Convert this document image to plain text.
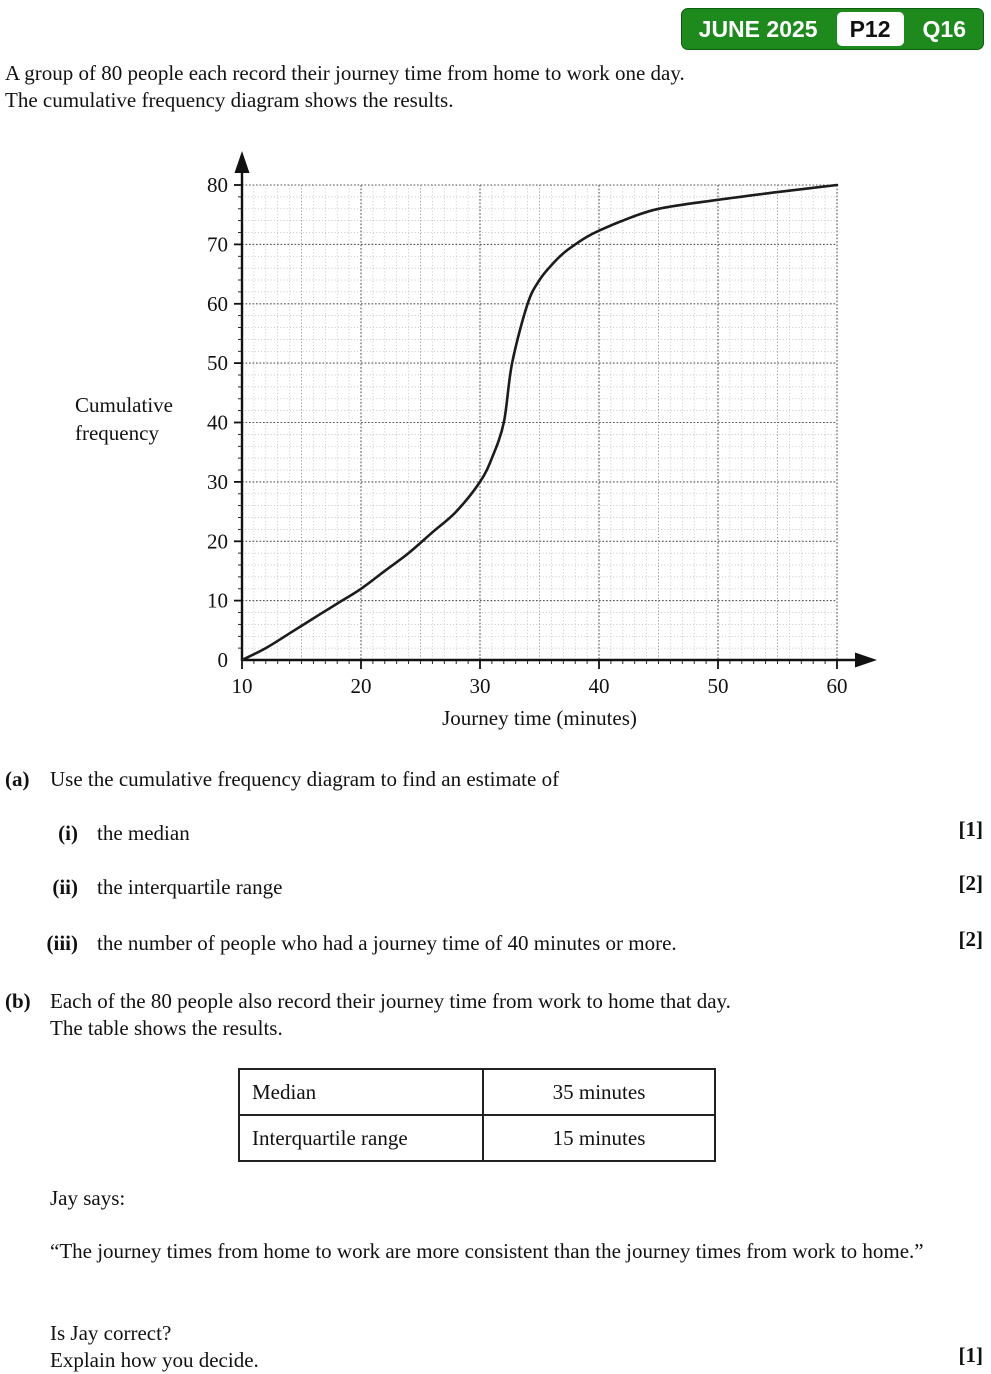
JUNE 2025	P12	Q16

A group of 80 people each record their journey time from home to work one day.

The cumulative frequency diagram shows the results.

10	20	30	40	50	60
0
10
20
30
40
50
60
70
80
Cumulative
frequency
Journey time (minutes)
(a) Use the cumulative frequency diagram to find an estimate of
(i) the median	[1]
(ii) the interquartile range	[2]
(iii) the number of people who had a journey time of 40 minutes or more.	[2]
(b) Each of the 80 people also record their journey time from work to home that day.
The table shows the results.
Median	35 minutes
Interquartile range	15 minutes
Jay says:
“The journey times from home to work are more consistent than the journey times from work to home.”
Is Jay correct?
Explain how you decide.	[1]
